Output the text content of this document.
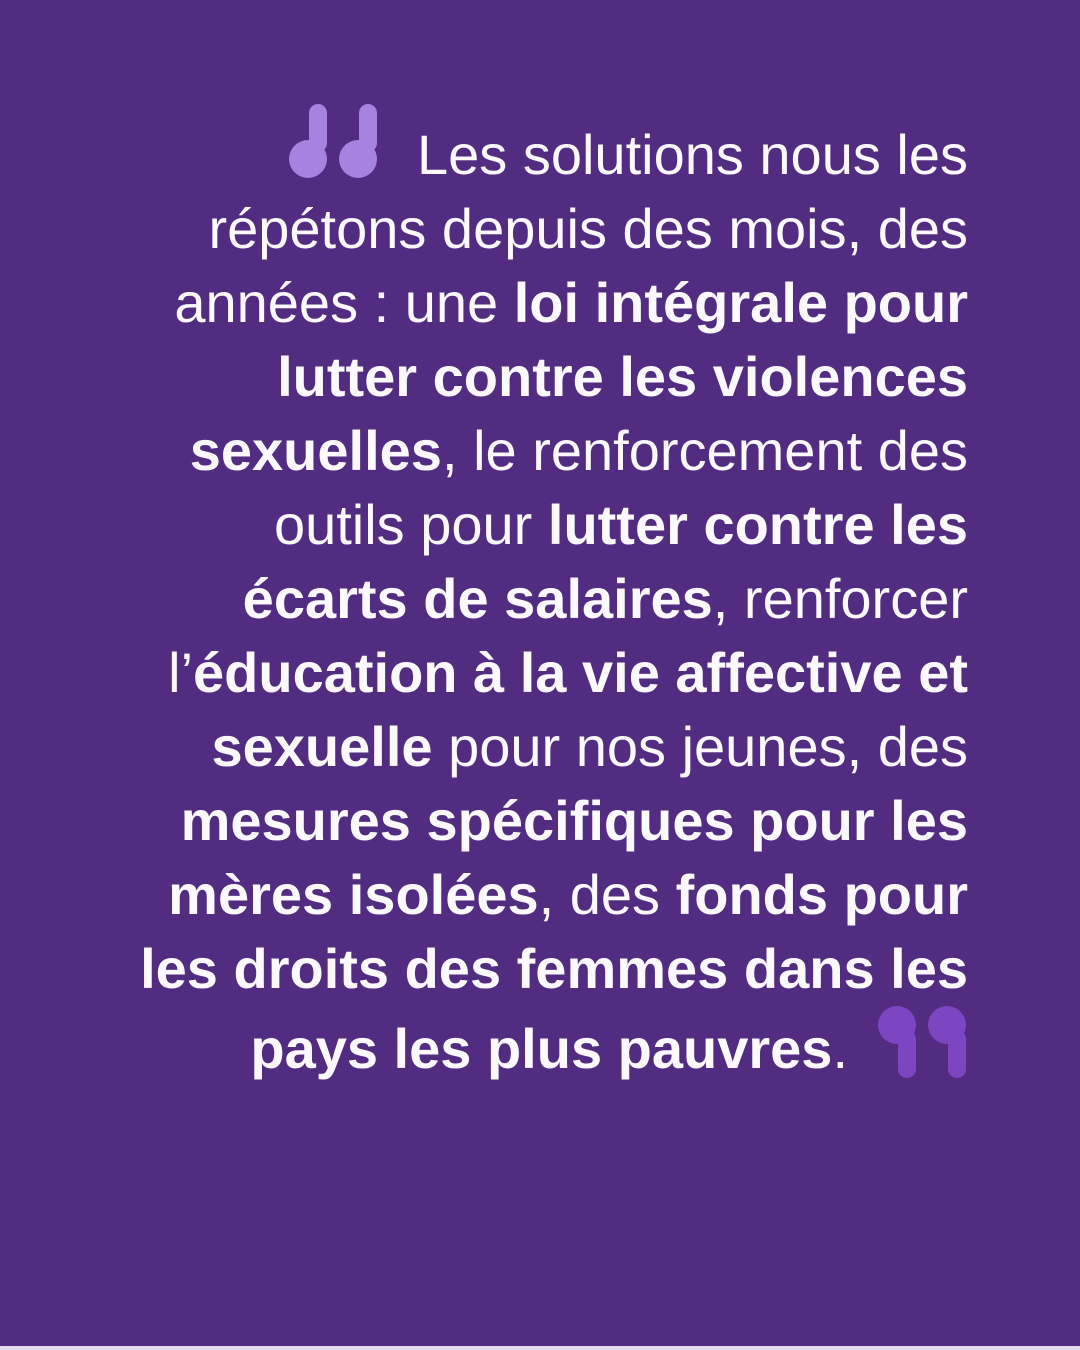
Les solutions nous les
répétons depuis des mois, des
années : une loi intégrale pour
lutter contre les violences
sexuelles, le renforcement des
outils pour lutter contre les
écarts de salaires, renforcer
l’éducation à la vie affective et
sexuelle pour nos jeunes, des
mesures spécifiques pour les
mères isolées, des fonds pour
les droits des femmes dans les
pays les plus pauvres.
